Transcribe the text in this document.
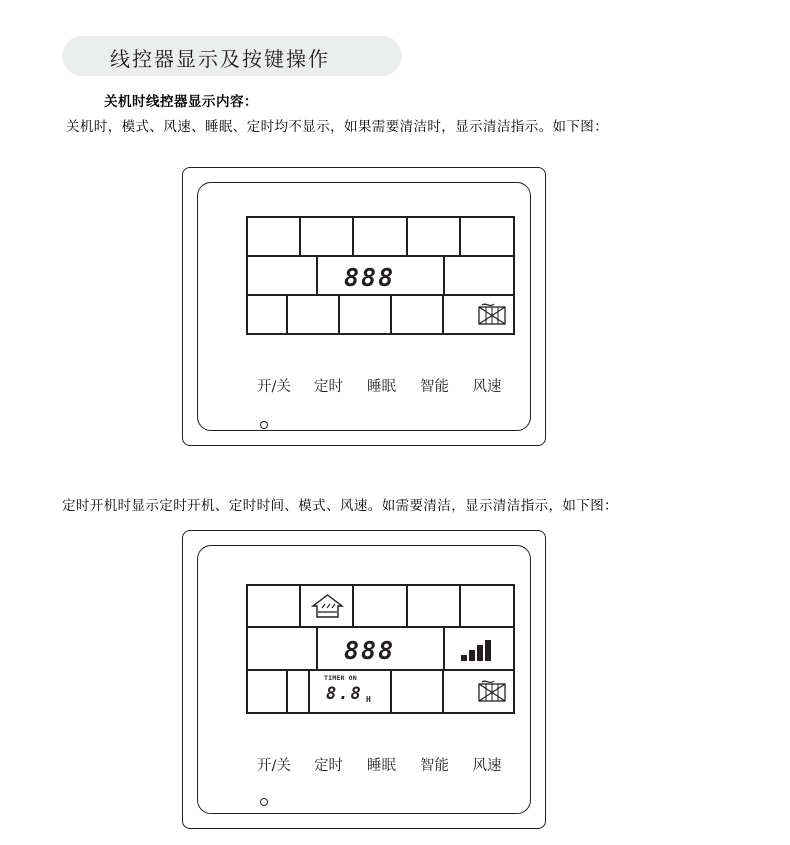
线控器显示及按键操作
关机时线控器显示内容：
关机时，模式、风速、睡眠、定时均不显示，如果需要清洁时，显示清洁指示。如下图：
888
开/关	定时	睡眠	智能	风速
定时开机时显示定时开机、定时时间、模式、风速。如需要清洁，显示清洁指示，如下图：
888
TIMER ON
8.8 H
开/关	定时	睡眠	智能	风速
